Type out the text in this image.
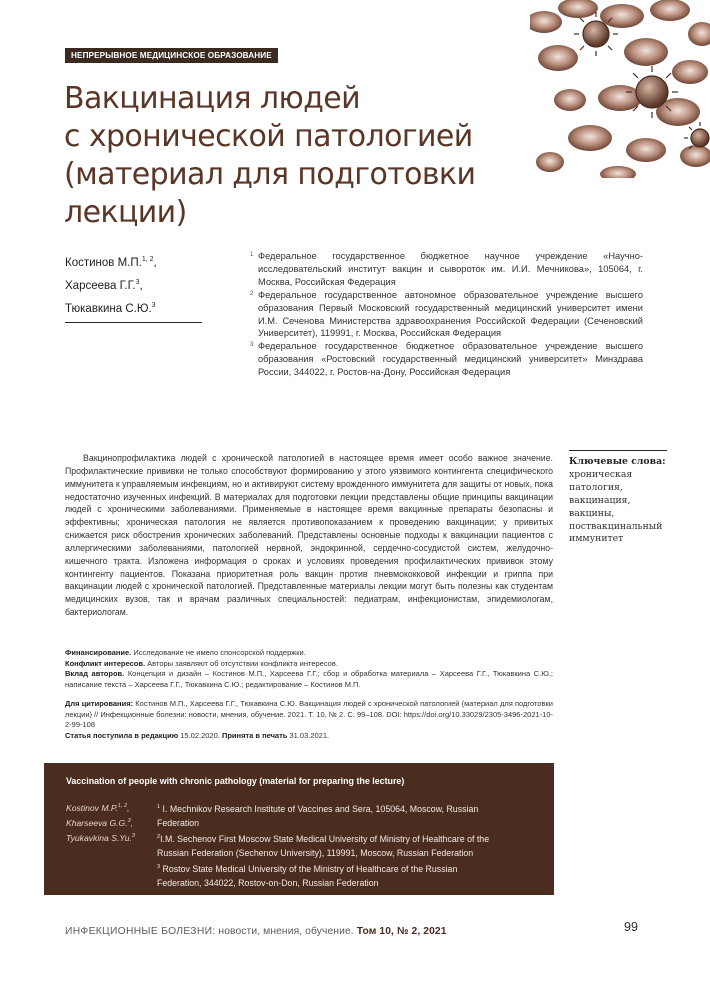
НЕПРЕРЫВНОЕ МЕДИЦИНСКОЕ ОБРАЗОВАНИЕ
Вакцинация людей
с хронической патологией
(материал для подготовки
лекции)
Костинов М.П.$^{1, 2}$,
Харсеева Г.Г.$^3$,
Тюкавкина С.Ю.$^3$
1 Федеральное государственное бюджетное научное учреждение «Научно-исследовательский институт вакцин и сывороток им. И.И. Мечникова», 105064, г. Москва, Российская Федерация
2 Федеральное государственное автономное образовательное учреждение высшего образования Первый Московский государственный медицинский университет имени И.М. Сеченова Министерства здравоохранения Российской Федерации (Сеченовский Университет), 119991, г. Москва, Российская Федерация
3 Федеральное государственное бюджетное образовательное учреждение высшего образования «Ростовский государственный медицинский университет» Минздрава России, 344022, г. Ростов-на-Дону, Российская Федерация

Вакцинопрофилактика людей с хронической патологией в настоящее время имеет особо важное значение. Профилактические прививки не только способствуют формированию у этого уязвимого контингента специфического иммунитета к управляемым инфекциям, но и активируют систему врожденного иммунитета для защиты от новых, пока недостаточно изученных инфекций. В материалах для подготовки лекции представлены общие принципы вакцинации людей с хроническими заболеваниями. Применяемые в настоящее время вакцинные препараты безопасны и эффективны; хроническая патология не является противопоказанием к проведению вакцинации; у привитых снижается риск обострения хронических заболеваний. Представлены основные подходы к вакцинации пациентов с аллергическими заболеваниями, патологией нервной, эндокринной, сердечно-сосудистой систем, желудочно-кишечного тракта. Изложена информация о сроках и условиях проведения профилактических прививок этому контингенту пациентов. Показана приоритетная роль вакцин против пневмококковой инфекции и гриппа при вакцинации людей с хронической патологией. Представленные материалы лекции могут быть полезны как студентам медицинских вузов, так и врачам различных специальностей: педиатрам, инфекционистам, эпидемиологам, бактериологам.

Ключевые слова:
хроническая
патология,
вакцинация,
вакцины,
поствакцинальный
иммунитет

Финансирование. Исследование не имело спонсорской поддержки.

Конфликт интересов. Авторы заявляют об отсутствии конфликта интересов.

Вклад авторов. Концепция и дизайн – Костинов М.П., Харсеева Г.Г.; сбор и обработка материала – Харсеева Г.Г., Тюкавкина С.Ю.; написание текста – Харсеева Г.Г., Тюкавкина С.Ю.; редактирование – Костинов М.П.

Для цитирования: Костинов М.П., Харсеева Г.Г., Тюкавкина С.Ю. Вакцинация людей с хронической патологией (материал для подготовки лекции) // Инфекционные болезни: новости, мнения, обучение. 2021. Т. 10, № 2. С. 99–108. DOI: https://doi.org/10.33029/2305-3496-2021-10-2-99-108

Статья поступила в редакцию 15.02.2020. Принята в печать 31.03.2021.

Vaccination of people with chronic pathology (material for preparing the lecture)
Kostinov M.P.$^{1, 2}$,
Kharseeva G.G.$^3$,
Tyukavkina S.Yu.$^3$
$^1$ I. Mechnikov Research Institute of Vaccines and Sera, 105064, Moscow, Russian
Federation
$^2$I.M. Sechenov First Moscow State Medical University of Ministry of Healthcare of the
Russian Federation (Sechenov University), 119991, Moscow, Russian Federation
$^3$ Rostov State Medical University of the Ministry of Healthcare of the Russian
Federation, 344022, Rostov-on-Don, Russian Federation
ИНФЕКЦИОННЫЕ БОЛЕЗНИ: новости, мнения, обучение. Том 10, № 2, 2021	99
